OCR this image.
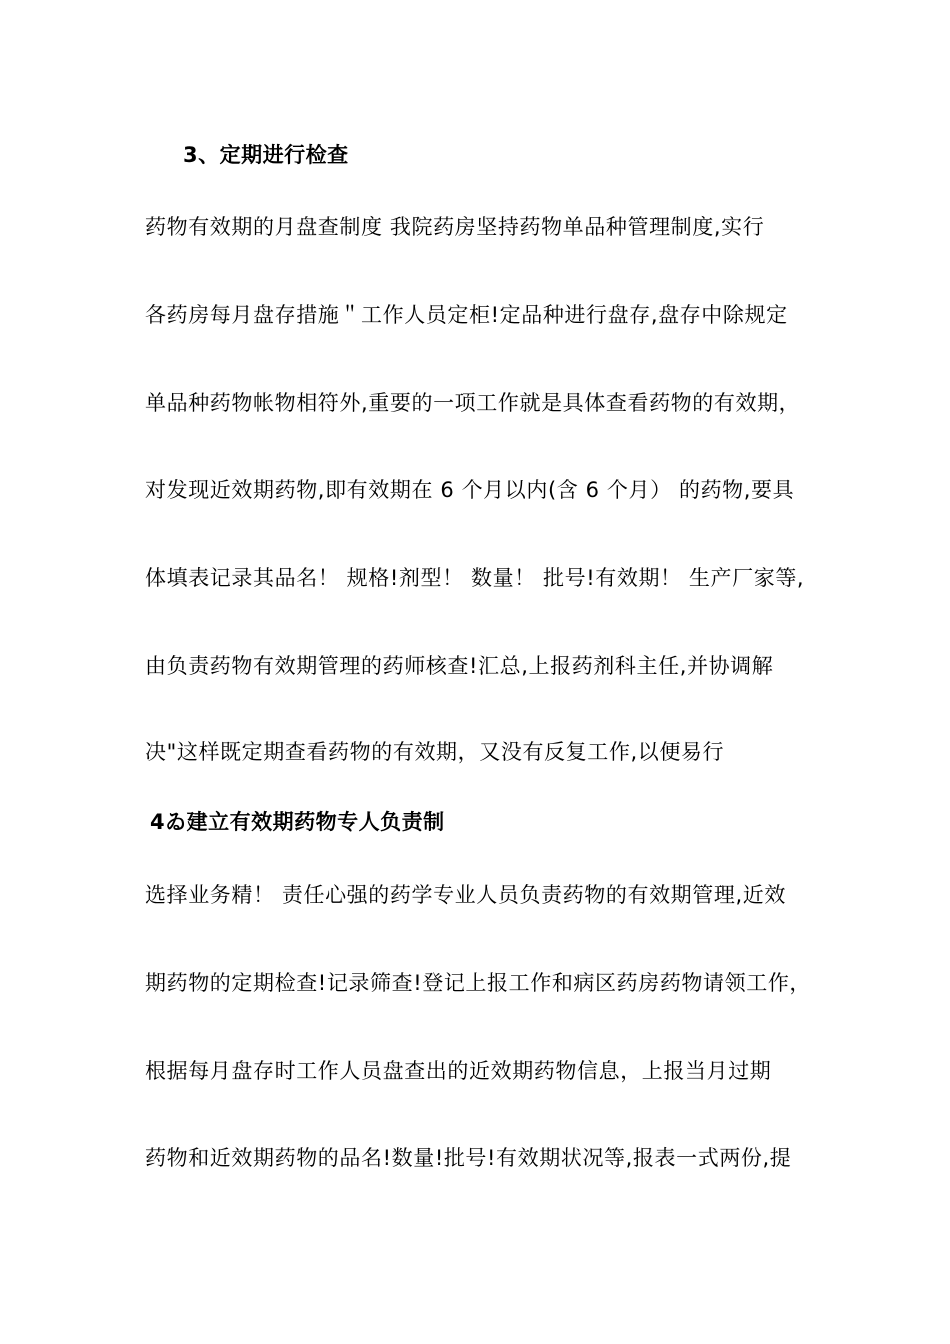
3、定期进行检查
药物有效期的月盘查制度 我院药房坚持药物单品种管理制度,实行
各药房每月盘存措施＂工作人员定柜!定品种进行盘存,盘存中除规定
单品种药物帐物相符外,重要的一项工作就是具体查看药物的有效期，
对发现近效期药物,即有效期在 6 个月以内(含 6 个月） 的药物,要具
体填表记录其品名！ 规格!剂型！ 数量！ 批号!有效期！ 生产厂家等,
由负责药物有效期管理的药师核查!汇总,上报药剂科主任,并协调解
决"这样既定期查看药物的有效期，又没有反复工作,以便易行
4ゐ建立有效期药物专人负责制
选择业务精！ 责任心强的药学专业人员负责药物的有效期管理,近效
期药物的定期检查!记录筛查!登记上报工作和病区药房药物请领工作，
根据每月盘存时工作人员盘查出的近效期药物信息，上报当月过期
药物和近效期药物的品名!数量!批号!有效期状况等,报表一式两份,提
